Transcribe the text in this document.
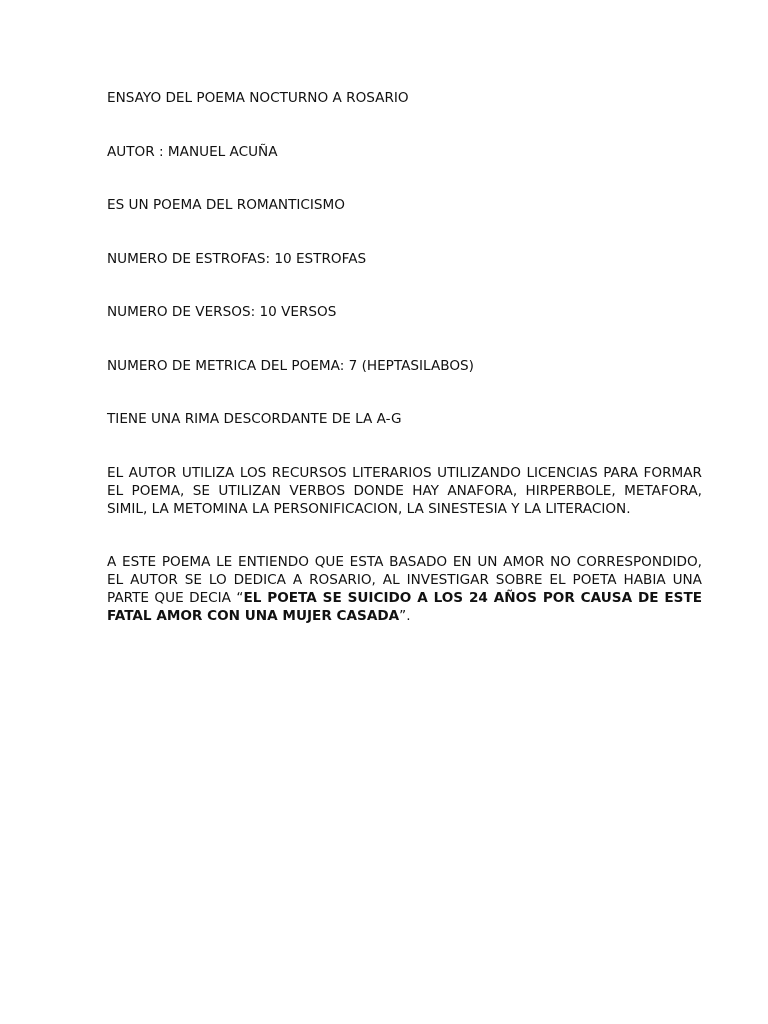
ENSAYO DEL POEMA NOCTURNO A ROSARIO

AUTOR : MANUEL ACUÑA

ES UN POEMA DEL ROMANTICISMO

NUMERO DE ESTROFAS: 10 ESTROFAS

NUMERO DE VERSOS: 10 VERSOS

NUMERO DE METRICA DEL POEMA: 7 (HEPTASILABOS)

TIENE UNA RIMA DESCORDANTE DE LA A-G

EL AUTOR UTILIZA LOS RECURSOS LITERARIOS UTILIZANDO LICENCIAS PARA FORMAR EL POEMA, SE UTILIZAN VERBOS DONDE HAY ANAFORA, HIRPERBOLE, METAFORA, SIMIL, LA METOMINA LA PERSONIFICACION, LA SINESTESIA Y LA LITERACION.

A ESTE POEMA LE ENTIENDO QUE ESTA BASADO EN UN AMOR NO CORRESPONDIDO, EL AUTOR SE LO DEDICA A ROSARIO, AL INVESTIGAR SOBRE EL POETA HABIA UNA PARTE QUE DECIA “EL POETA SE SUICIDO A LOS 24 AÑOS POR CAUSA DE ESTE FATAL AMOR CON UNA MUJER CASADA”.
